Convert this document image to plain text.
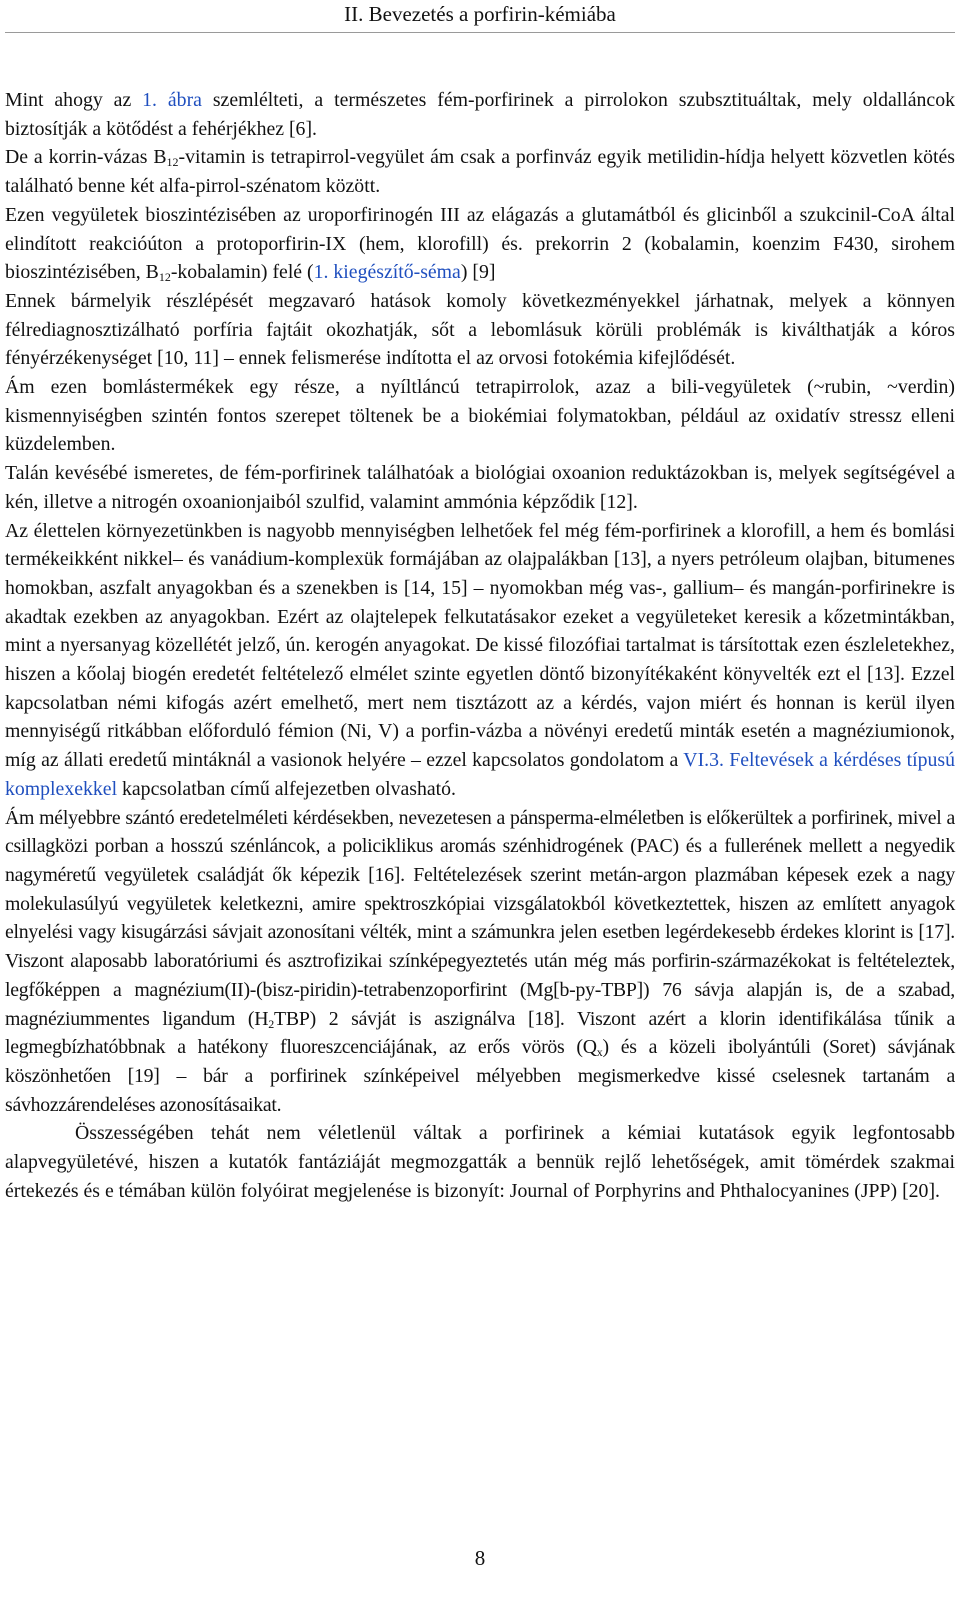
II. Bevezetés a porfirin-kémiába

Mint ahogy az 1. ábra szemlélteti, a természetes fém-porfirinek a pirrolokon szubsztituáltak, mely oldalláncok biztosítják a kötődést a fehérjékhez [6].

De a korrin-vázas $B_{12}$-vitamin is tetrapirrol-vegyület ám csak a porfinváz egyik metilidin-hídja helyett közvetlen kötés található benne két alfa-pirrol-szénatom között.

Ezen vegyületek bioszintézisében az uroporfirinogén III az elágazás a glutamátból és glicinből a szukcinil-CoA által elindított reakcióúton a protoporfirin-IX (hem, klorofill) és. prekorrin 2 (kobalamin, koenzim F430, sirohem bioszintézisében, $B_{12}-kobalamin$) felé (1. kiegészítő-séma) [9]

Ennek bármelyik részlépését megzavaró hatások komoly következményekkel járhatnak, melyek a könnyen félrediagnosztizálható porfíria fajtáit okozhatják, sőt a lebomlásuk körüli problémák is kiválthatják a kóros fényérzékenységet [10, 11] – ennek felismerése indította el az orvosi fotokémia kifejlődését.

Ám ezen bomlástermékek egy része, a nyíltláncú tetrapirrolok, azaz a bili-vegyületek (~rubin, ~verdin) kismennyiségben szintén fontos szerepet töltenek be a biokémiai folymatokban, például az oxidatív stressz elleni küzdelemben.

Talán kevésébé ismeretes, de fém-porfirinek találhatóak a biológiai oxoanion reduktázokban is, melyek segítségével a kén, illetve a nitrogén oxoanionjaiból szulfid, valamint ammónia képződik [12].

Az élettelen környezetünkben is nagyobb mennyiségben lelhetőek fel még fém-porfirinek a klorofill, a hem és bomlási termékeikként nikkel– és vanádium-komplexük formájában az olajpalákban [13], a nyers petróleum olajban, bitumenes homokban, aszfalt anyagokban és a szenekben is [14, 15] – nyomokban még vas-, gallium– és mangán-porfirinekre is akadtak ezekben az anyagokban. Ezért az olajtelepek felkutatásakor ezeket a vegyületeket keresik a kőzetmintákban, mint a nyersanyag közellétét jelző, ún. kerogén anyagokat. De kissé filozófiai tartalmat is társítottak ezen észleletekhez, hiszen a kőolaj biogén eredetét feltételező elmélet szinte egyetlen döntő bizonyítékaként könyvelték ezt el [13]. Ezzel kapcsolatban némi kifogás azért emelhető, mert nem tisztázott az a kérdés, vajon miért és honnan is kerül ilyen mennyiségű ritkábban előforduló fémion (Ni, V) a porfin-vázba a növényi eredetű minták esetén a magnéziumionok, míg az állati eredetű mintáknál a vasionok helyére – ezzel kapcsolatos gondolatom a VI.3. Feltevések a kérdéses típusú komplexekkel kapcsolatban című alfejezetben olvasható.

Ám mélyebbre szántó eredetelméleti kérdésekben, nevezetesen a pánsperma-elméletben is előkerültek a porfirinek, mivel a csillagközi porban a hosszú szénláncok, a policiklikus aromás szénhidrogének (PAC) és a fullerének mellett a negyedik nagyméretű vegyületek családját ők képezik [16]. Feltételezések szerint metán-argon plazmában képesek ezek a nagy molekulasúlyú vegyületek keletkezni, amire spektroszkópiai vizsgálatokból következtettek, hiszen az említett anyagok elnyelési vagy kisugárzási sávjait azonosítani vélték, mint a számunkra jelen esetben legérdekesebb érdekes klorint is [17]. Viszont alaposabb laboratóriumi és asztrofizikai színképegyeztetés után még más porfirin-származékokat is feltételeztek, legfőképpen a magnézium(II)-(bisz-piridin)-tetrabenzoporfirint (Mg[b-py-TBP]) 76 sávja alapján is, de a szabad, magnéziummentes ligandum $(H_2TBP)$ 2 sávját is aszignálva [18]. Viszont azért a klorin identifikálása tűnik a legmegbízhatóbbnak a hatékony fluoreszcenciájának, az erős vörös $(Q_x)$ és a közeli ibolyántúli (Soret) sávjának köszönhetően [19] – bár a porfirinek színképeivel mélyebben megismerkedve kissé cselesnek tartanám a sávhozzárendeléses azonosításaikat.

Összességében tehát nem véletlenül váltak a porfirinek a kémiai kutatások egyik legfontosabb alapvegyületévé, hiszen a kutatók fantáziáját megmozgatták a bennük rejlő lehetőségek, amit tömérdek szakmai értekezés és e témában külön folyóirat megjelenése is bizonyít: Journal of Porphyrins and Phthalocyanines (JPP) [20].

8
